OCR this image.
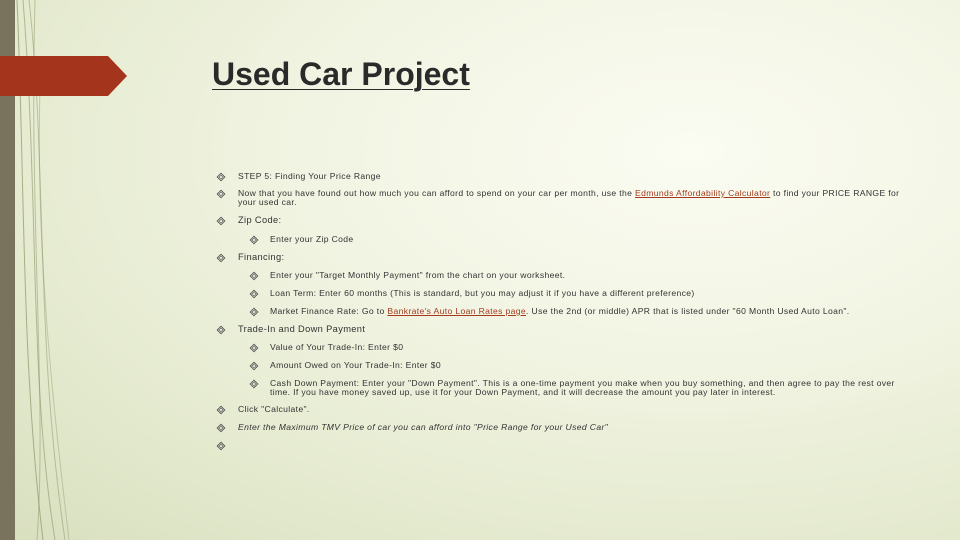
Used Car Project
STEP 5: Finding Your Price Range
Now that you have found out how much you can afford to spend on your car per month, use the Edmunds Affordability Calculator to find your PRICE RANGE for your used car.
Zip Code:
Enter your Zip Code
Financing:
Enter your "Target Monthly Payment" from the chart on your worksheet.
Loan Term: Enter 60 months (This is standard, but you may adjust it if you have a different preference)
Market Finance Rate: Go to Bankrate's Auto Loan Rates page. Use the 2nd (or middle) APR that is listed under "60 Month Used Auto Loan".
Trade-In and Down Payment
Value of Your Trade-In: Enter $0
Amount Owed on Your Trade-In: Enter $0
Cash Down Payment: Enter your "Down Payment". This is a one-time payment you make when you buy something, and then agree to pay the rest over time. If you have money saved up, use it for your Down Payment, and it will decrease the amount you pay later in interest.
Click "Calculate".
Enter the Maximum TMV Price of car you can afford into "Price Range for your Used Car"
